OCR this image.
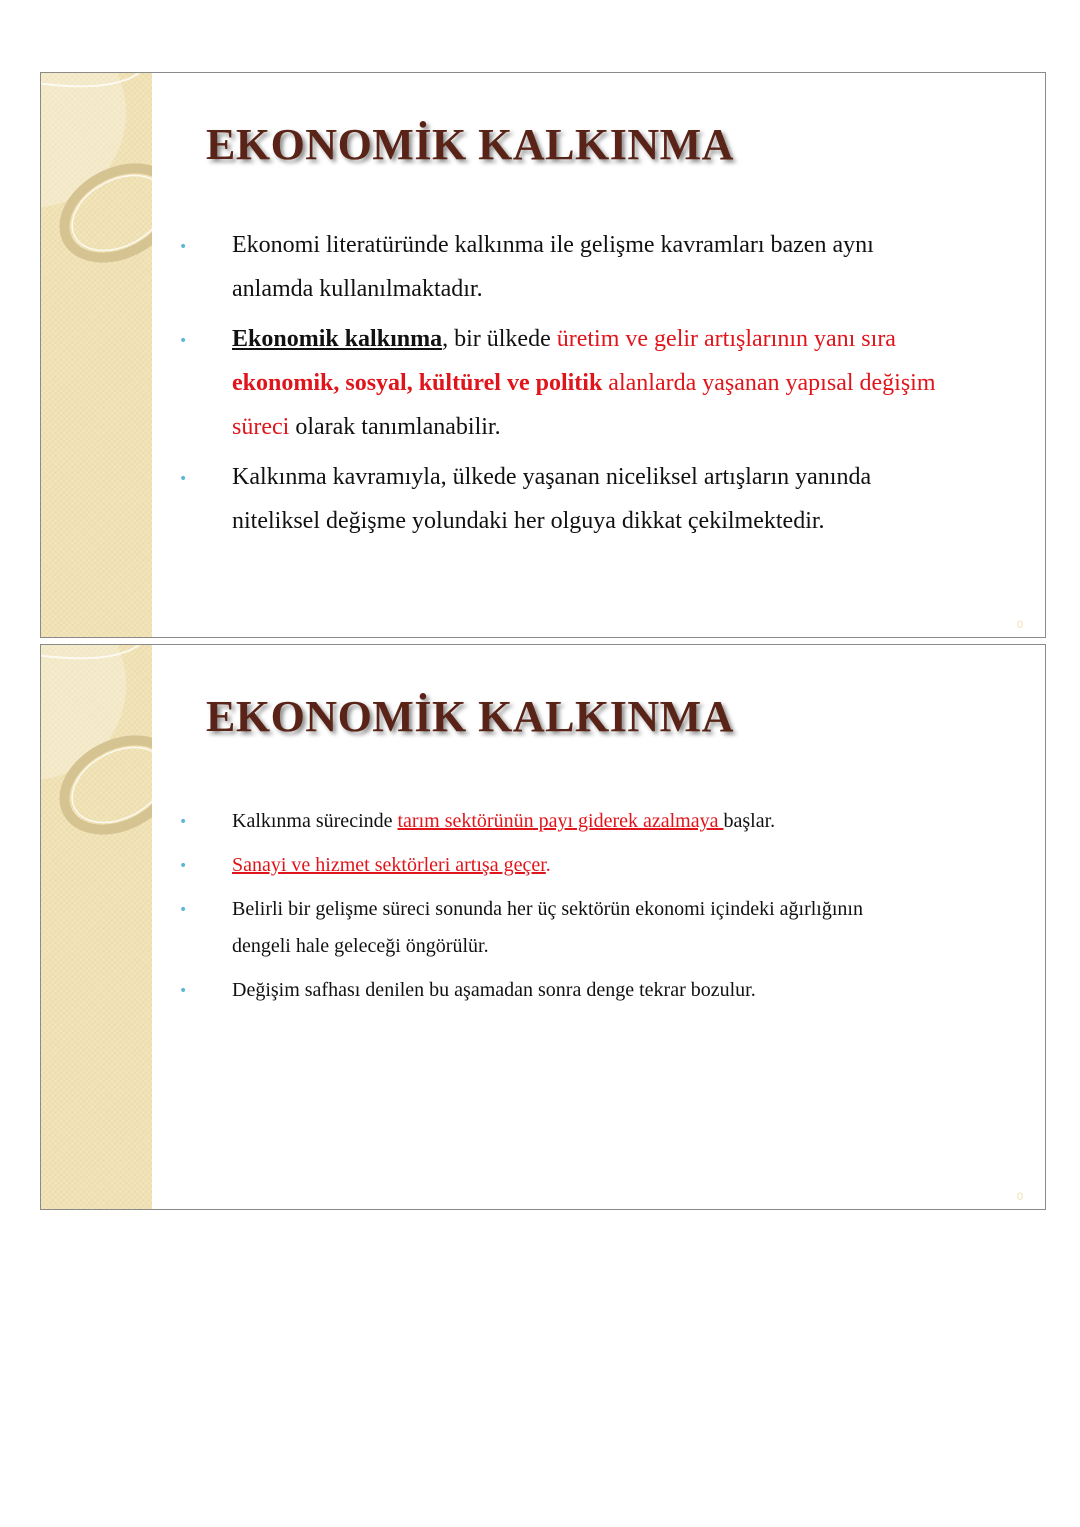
EKONOMİK KALKINMA
• Ekonomi literatüründe kalkınma ile gelişme kavramları bazen aynı anlamda kullanılmaktadır.
• Ekonomik kalkınma, bir ülkede üretim ve gelir artışlarının yanı sıra ekonomik, sosyal, kültürel ve politik alanlarda yaşanan yapısal değişim süreci olarak tanımlanabilir.
• Kalkınma kavramıyla, ülkede yaşanan niceliksel artışların yanında niteliksel değişme yolundaki her olguya dikkat çekilmektedir.
0
EKONOMİK KALKINMA
• Kalkınma sürecinde tarım sektörünün payı giderek azalmaya başlar.
• Sanayi ve hizmet sektörleri artışa geçer.
• Belirli bir gelişme süreci sonunda her üç sektörün ekonomi içindeki ağırlığının dengeli hale geleceği öngörülür.
• Değişim safhası denilen bu aşamadan sonra denge tekrar bozulur.
0
